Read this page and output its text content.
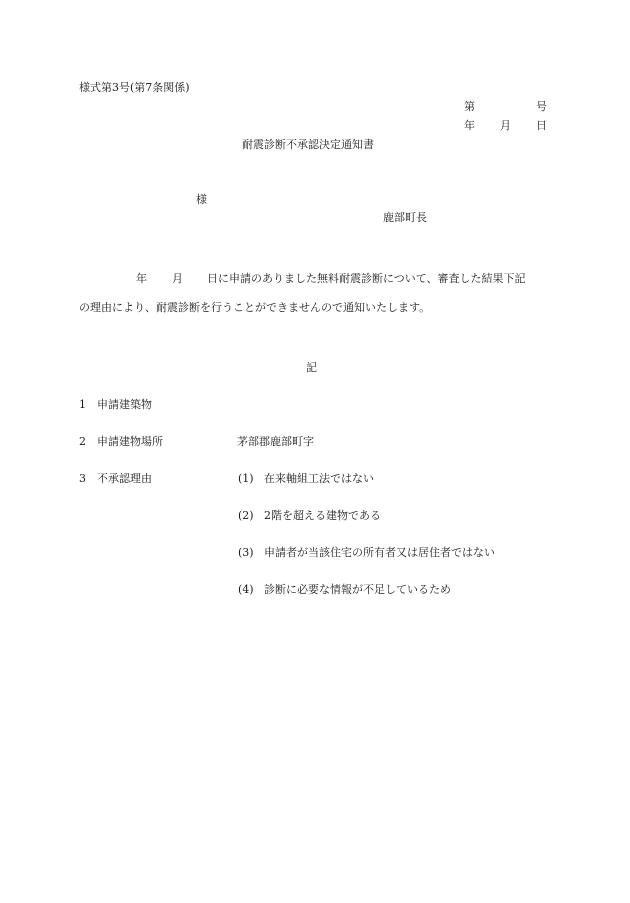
様式第3号(第7条関係)
第	号
年 月 日
耐震診断不承認決定通知書
様
鹿部町長
年 月 日に申請のありました無料耐震診断について、審査した結果下記
の理由により、耐震診断を行うことができませんので通知いたします。
記
1 申請建築物
2 申請建物場所	茅部郡鹿部町字
3 不承認理由	(1) 在来軸組工法ではない
(2) 2階を超える建物である
(3) 申請者が当該住宅の所有者又は居住者ではない
(4) 診断に必要な情報が不足しているため
